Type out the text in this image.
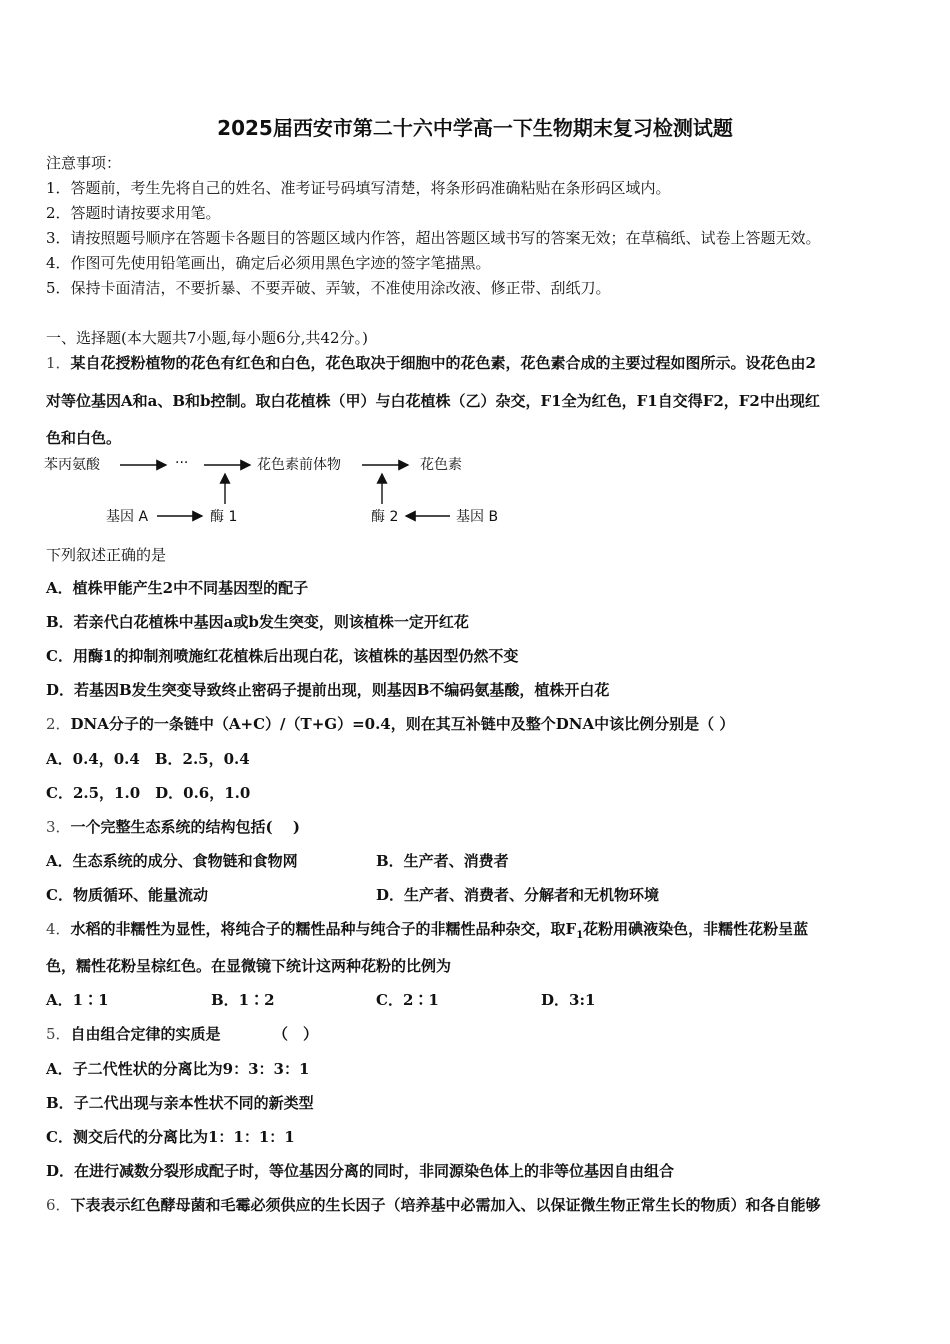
2025届西安市第二十六中学高一下生物期末复习检测试题
注意事项：
1．答题前，考生先将自己的姓名、准考证号码填写清楚，将条形码准确粘贴在条形码区域内。
2．答题时请按要求用笔。
3．请按照题号顺序在答题卡各题目的答题区域内作答，超出答题区域书写的答案无效；在草稿纸、试卷上答题无效。
4．作图可先使用铅笔画出，确定后必须用黑色字迹的签字笔描黑。
5．保持卡面清洁，不要折暴、不要弄破、弄皱，不准使用涂改液、修正带、刮纸刀。
一、选择题(本大题共7小题,每小题6分,共42分。)
1．某自花授粉植物的花色有红色和白色，花色取决于细胞中的花色素，花色素合成的主要过程如图所示。设花色由2
对等位基因A和a、B和b控制。取白花植株（甲）与白花植株（乙）杂交，F1全为红色，F1自交得F2，F2中出现红
色和白色。
苯丙氨酸	···	花色素前体物	花色素
基因 A	酶 1	酶 2	基因 B
下列叙述正确的是
A．植株甲能产生2中不同基因型的配子
B．若亲代白花植株中基因a或b发生突变，则该植株一定开红花
C．用酶1的抑制剂喷施红花植株后出现白花，该植株的基因型仍然不变
D．若基因B发生突变导致终止密码子提前出现，则基因B不编码氨基酸，植株开白花
2．DNA分子的一条链中（A+C）/（T+G）=0.4，则在其互补链中及整个DNA中该比例分别是（ ）
A．0.4，0.4　B．2.5，0.4
C．2.5，1.0　D．0.6，1.0
3．一个完整生态系统的结构包括(　 )
A．生态系统的成分、食物链和食物网	B．生产者、消费者
C．物质循环、能量流动	D．生产者、消费者、分解者和无机物环境
4．水稻的非糯性为显性，将纯合子的糯性品种与纯合子的非糯性品种杂交，取$F_1$花粉用碘液染色，非糯性花粉呈蓝
色，糯性花粉呈棕红色。在显微镜下统计这两种花粉的比例为
A．1∶1	B．1∶2	C．2∶1	D．3:1
5．自由组合定律的实质是　　　　（　）
A．子二代性状的分离比为9：3：3：1
B．子二代出现与亲本性状不同的新类型
C．测交后代的分离比为1：1：1：1
D．在进行减数分裂形成配子时，等位基因分离的同时，非同源染色体上的非等位基因自由组合
6．下表表示红色酵母菌和毛霉必须供应的生长因子（培养基中必需加入、以保证微生物正常生长的物质）和各自能够
